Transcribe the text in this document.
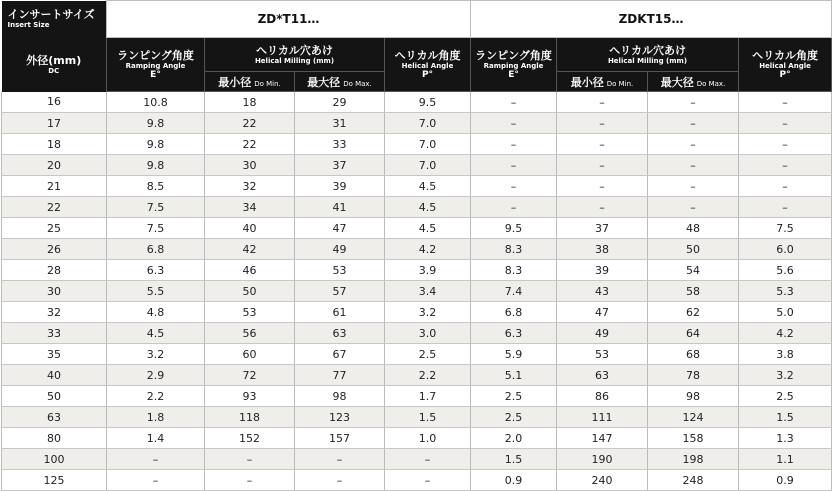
インサートサイズ
Insert Size	ZD*T11…				ZDKT15…			

外径(mm)
DC	ランピング角度
Ramping Angle
E°	ヘリカル穴あけ
Helical Milling (mm)		ヘリカル角度
Helical Angle
P°	ランピング角度
Ramping Angle
E°	ヘリカル穴あけ
Helical Milling (mm)		ヘリカル角度
Helical Angle
P°

		最小径 Do Min.	最大径 Do Max.			最小径 Do Min.	最大径 Do Max.	
16	10.8	18	29	9.5	–	–	–	–
17	9.8	22	31	7.0	–	–	–	–
18	9.8	22	33	7.0	–	–	–	–
20	9.8	30	37	7.0	–	–	–	–
21	8.5	32	39	4.5	–	–	–	–
22	7.5	34	41	4.5	–	–	–	–
25	7.5	40	47	4.5	9.5	37	48	7.5
26	6.8	42	49	4.2	8.3	38	50	6.0
28	6.3	46	53	3.9	8.3	39	54	5.6
30	5.5	50	57	3.4	7.4	43	58	5.3
32	4.8	53	61	3.2	6.8	47	62	5.0
33	4.5	56	63	3.0	6.3	49	64	4.2
35	3.2	60	67	2.5	5.9	53	68	3.8
40	2.9	72	77	2.2	5.1	63	78	3.2
50	2.2	93	98	1.7	2.5	86	98	2.5
63	1.8	118	123	1.5	2.5	111	124	1.5
80	1.4	152	157	1.0	2.0	147	158	1.3
100	–	–	–	–	1.5	190	198	1.1
125	–	–	–	–	0.9	240	248	0.9
